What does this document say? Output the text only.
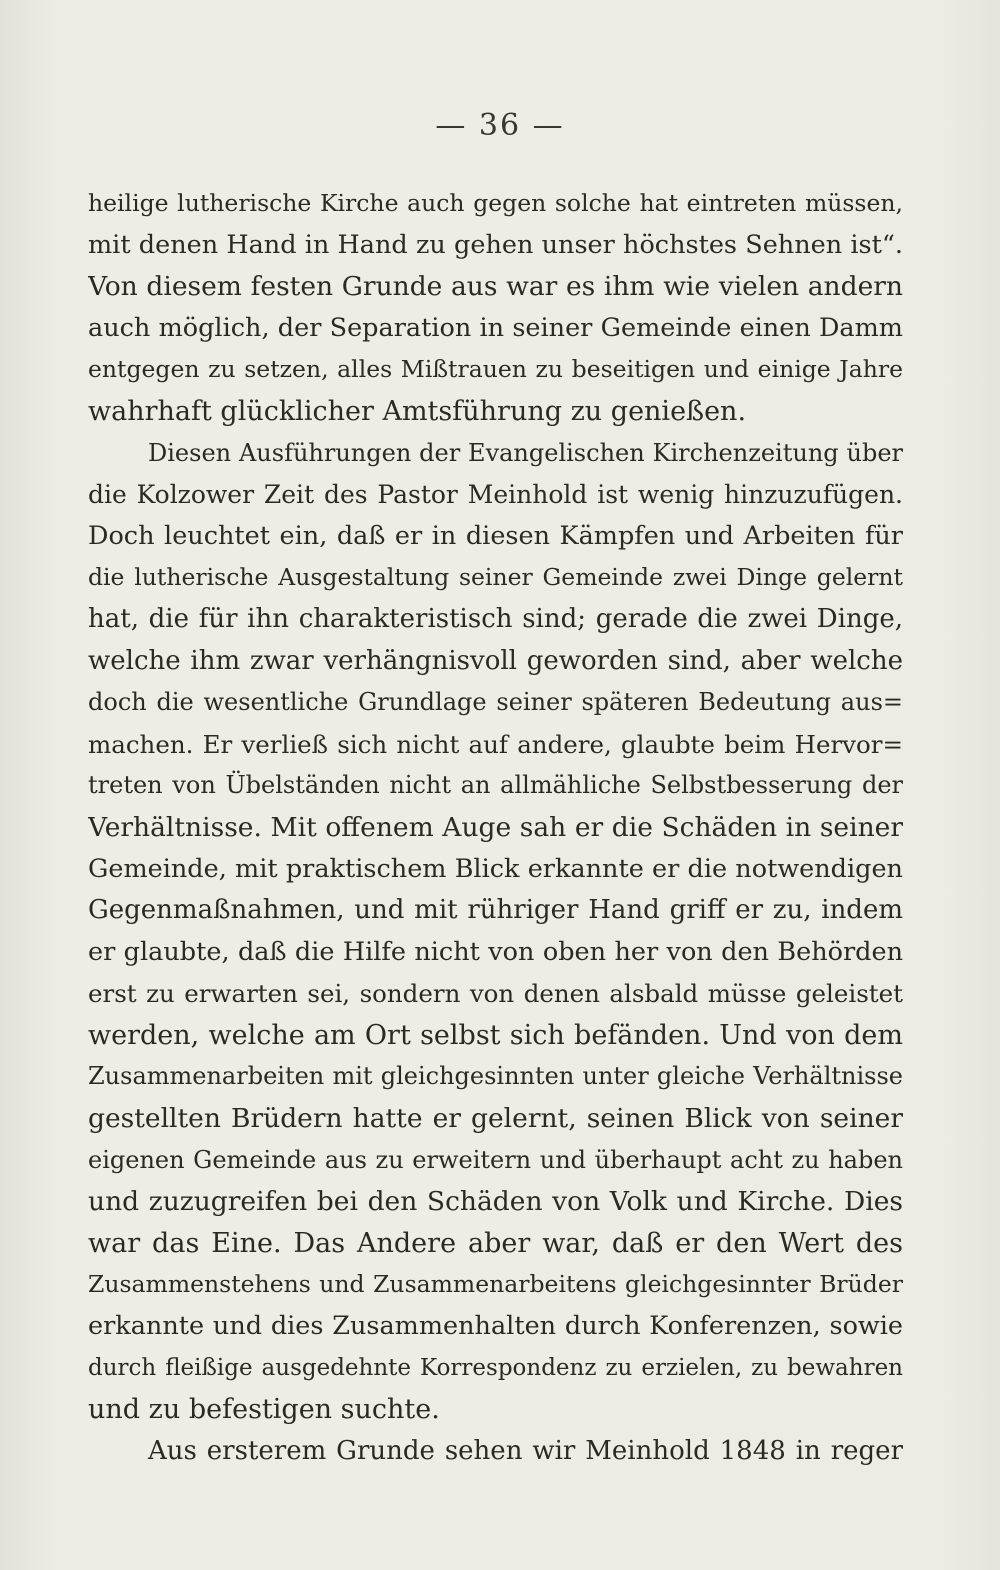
— 36 —
heilige lutherische Kirche auch gegen solche hat eintreten müssen,
mit denen Hand in Hand zu gehen unser höchstes Sehnen ist“.
Von diesem festen Grunde aus war es ihm wie vielen andern
auch möglich, der Separation in seiner Gemeinde einen Damm
entgegen zu setzen, alles Mißtrauen zu beseitigen und einige Jahre
wahrhaft glücklicher Amtsführung zu genießen.
Diesen Ausführungen der Evangelischen Kirchenzeitung über
die Kolzower Zeit des Pastor Meinhold ist wenig hinzuzufügen.
Doch leuchtet ein, daß er in diesen Kämpfen und Arbeiten für
die lutherische Ausgestaltung seiner Gemeinde zwei Dinge gelernt
hat, die für ihn charakteristisch sind; gerade die zwei Dinge,
welche ihm zwar verhängnisvoll geworden sind, aber welche
doch die wesentliche Grundlage seiner späteren Bedeutung aus=
machen. Er verließ sich nicht auf andere, glaubte beim Hervor=
treten von Übelständen nicht an allmähliche Selbstbesserung der
Verhältnisse. Mit offenem Auge sah er die Schäden in seiner
Gemeinde, mit praktischem Blick erkannte er die notwendigen
Gegenmaßnahmen, und mit rühriger Hand griff er zu, indem
er glaubte, daß die Hilfe nicht von oben her von den Behörden
erst zu erwarten sei, sondern von denen alsbald müsse geleistet
werden, welche am Ort selbst sich befänden. Und von dem
Zusammenarbeiten mit gleichgesinnten unter gleiche Verhältnisse
gestellten Brüdern hatte er gelernt, seinen Blick von seiner
eigenen Gemeinde aus zu erweitern und überhaupt acht zu haben
und zuzugreifen bei den Schäden von Volk und Kirche. Dies
war das Eine. Das Andere aber war, daß er den Wert des
Zusammenstehens und Zusammenarbeitens gleichgesinnter Brüder
erkannte und dies Zusammenhalten durch Konferenzen, sowie
durch fleißige ausgedehnte Korrespondenz zu erzielen, zu bewahren
und zu befestigen suchte.
Aus ersterem Grunde sehen wir Meinhold 1848 in reger
